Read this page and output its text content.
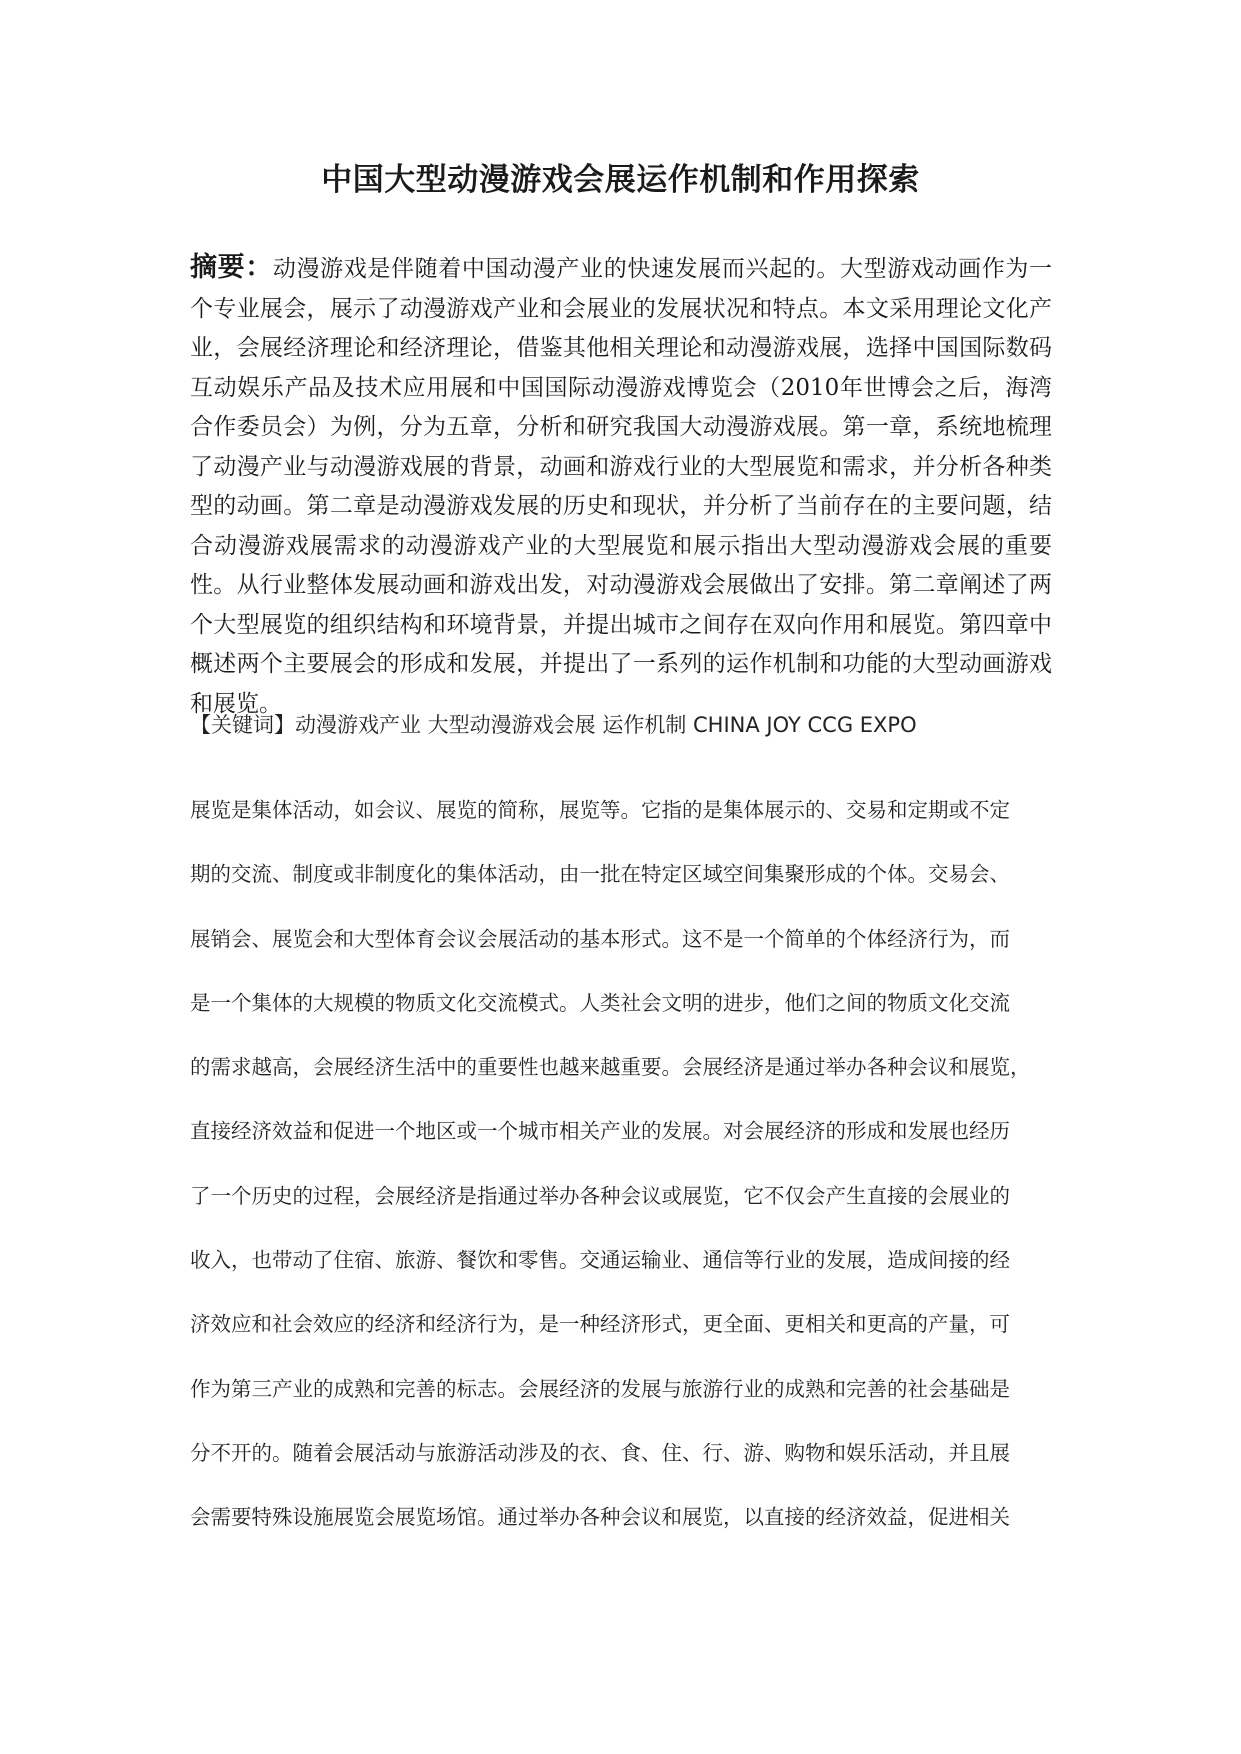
中国大型动漫游戏会展运作机制和作用探索

摘要：动漫游戏是伴随着中国动漫产业的快速发展而兴起的。大型游戏动画作为一个专业展会，展示了动漫游戏产业和会展业的发展状况和特点。本文采用理论文化产业，会展经济理论和经济理论，借鉴其他相关理论和动漫游戏展，选择中国国际数码互动娱乐产品及技术应用展和中国国际动漫游戏博览会（2010年世博会之后，海湾合作委员会）为例，分为五章，分析和研究我国大动漫游戏展。第一章，系统地梳理了动漫产业与动漫游戏展的背景，动画和游戏行业的大型展览和需求，并分析各种类型的动画。第二章是动漫游戏发展的历史和现状，并分析了当前存在的主要问题，结合动漫游戏展需求的动漫游戏产业的大型展览和展示指出大型动漫游戏会展的重要性。从行业整体发展动画和游戏出发，对动漫游戏会展做出了安排。第二章阐述了两个大型展览的组织结构和环境背景，并提出城市之间存在双向作用和展览。第四章中概述两个主要展会的形成和发展，并提出了一系列的运作机制和功能的大型动画游戏和展览。

【关键词】动漫游戏产业 大型动漫游戏会展 运作机制 CHINA JOY CCG EXPO
展览是集体活动，如会议、展览的简称，展览等。它指的是集体展示的、交易和定期或不定
期的交流、制度或非制度化的集体活动，由一批在特定区域空间集聚形成的个体。交易会、
展销会、展览会和大型体育会议会展活动的基本形式。这不是一个简单的个体经济行为，而
是一个集体的大规模的物质文化交流模式。人类社会文明的进步，他们之间的物质文化交流
的需求越高，会展经济生活中的重要性也越来越重要。会展经济是通过举办各种会议和展览，
直接经济效益和促进一个地区或一个城市相关产业的发展。对会展经济的形成和发展也经历
了一个历史的过程，会展经济是指通过举办各种会议或展览，它不仅会产生直接的会展业的
收入，也带动了住宿、旅游、餐饮和零售。交通运输业、通信等行业的发展，造成间接的经
济效应和社会效应的经济和经济行为，是一种经济形式，更全面、更相关和更高的产量，可
作为第三产业的成熟和完善的标志。会展经济的发展与旅游行业的成熟和完善的社会基础是
分不开的。随着会展活动与旅游活动涉及的衣、食、住、行、游、购物和娱乐活动，并且展
会需要特殊设施展览会展览场馆。通过举办各种会议和展览，以直接的经济效益，促进相关
